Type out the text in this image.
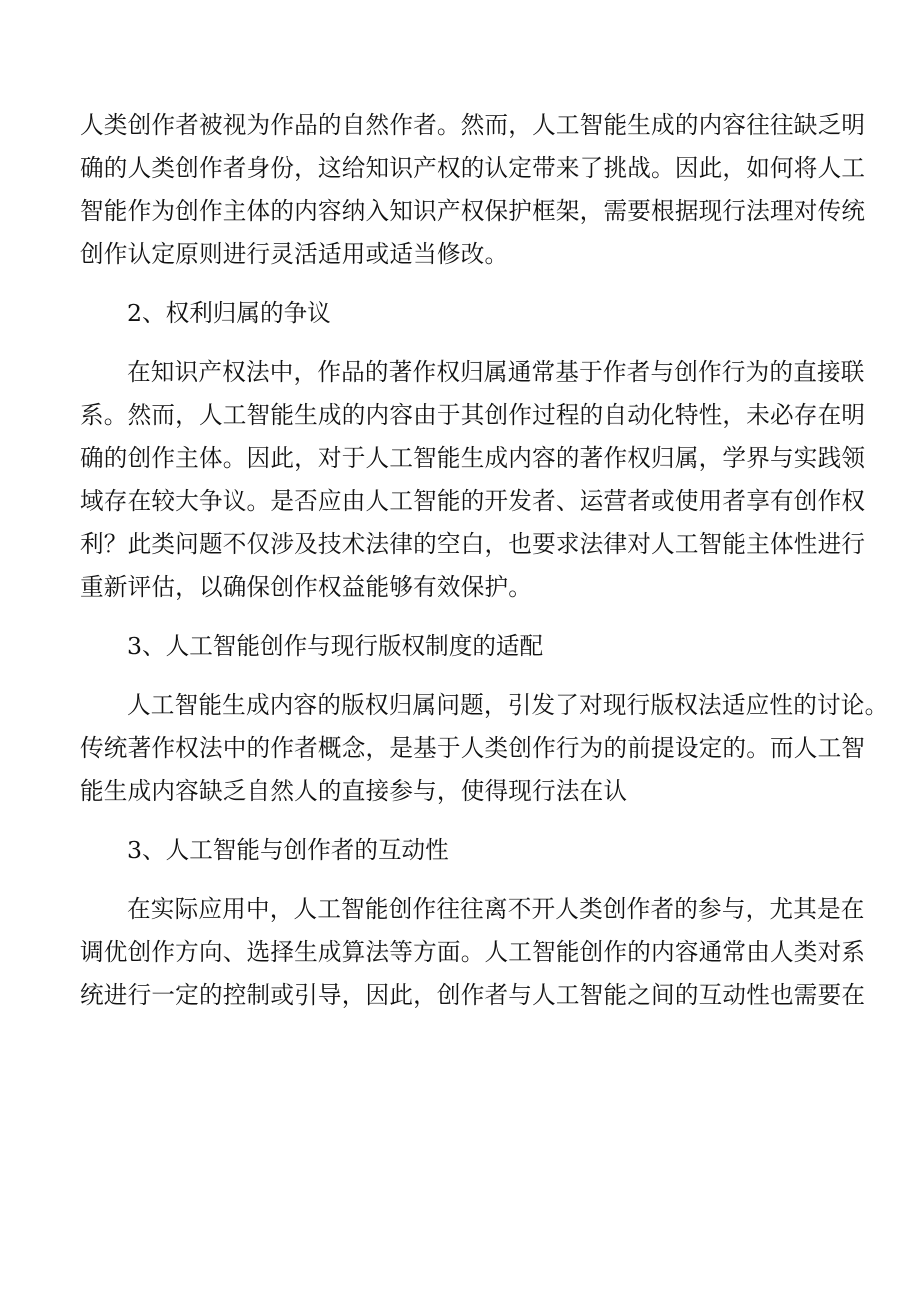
人类创作者被视为作品的自然作者。然而，人工智能生成的内容往往缺乏明
确的人类创作者身份，这给知识产权的认定带来了挑战。因此，如何将人工
智能作为创作主体的内容纳入知识产权保护框架，需要根据现行法理对传统
创作认定原则进行灵活适用或适当修改。
2、权利归属的争议
在知识产权法中，作品的著作权归属通常基于作者与创作行为的直接联
系。然而，人工智能生成的内容由于其创作过程的自动化特性，未必存在明
确的创作主体。因此，对于人工智能生成内容的著作权归属，学界与实践领
域存在较大争议。是否应由人工智能的开发者、运营者或使用者享有创作权
利？此类问题不仅涉及技术法律的空白，也要求法律对人工智能主体性进行
重新评估，以确保创作权益能够有效保护。
3、人工智能创作与现行版权制度的适配
人工智能生成内容的版权归属问题，引发了对现行版权法适应性的讨论。
传统著作权法中的作者概念，是基于人类创作行为的前提设定的。而人工智
能生成内容缺乏自然人的直接参与，使得现行法在认
3、人工智能与创作者的互动性
在实际应用中，人工智能创作往往离不开人类创作者的参与，尤其是在
调优创作方向、选择生成算法等方面。人工智能创作的内容通常由人类对系
统进行一定的控制或引导，因此，创作者与人工智能之间的互动性也需要在
